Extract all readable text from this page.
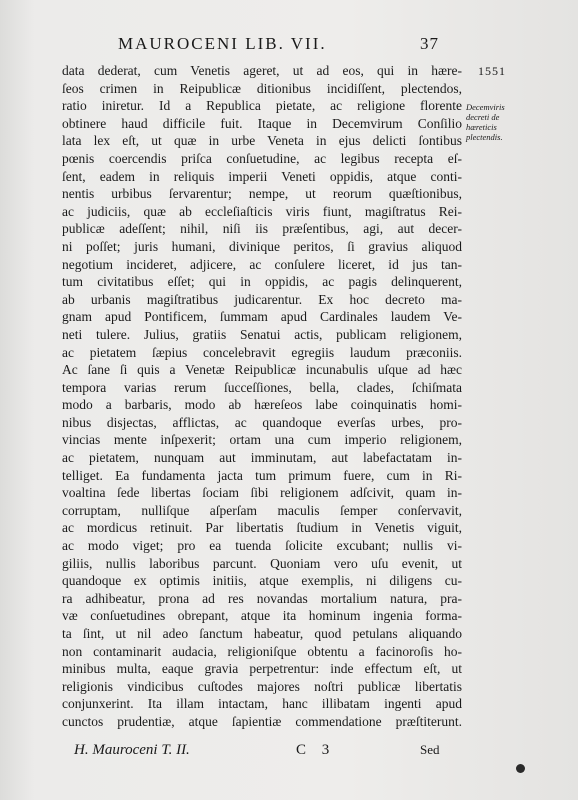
MAUROCENI LIB. VII.	37
1551
Decemviris
decreti de
hæreticis
plectendis.
data dederat, cum Venetis ageret, ut ad eos, qui in hære-
ſeos crimen in Reipublicæ ditionibus incidiſſent, plectendos,
ratio iniretur. Id a Republica pietate, ac religione florente
obtinere haud difficile fuit. Itaque in Decemvirum Conſilio
lata lex eſt, ut quæ in urbe Veneta in ejus delicti ſontibus
pœnis coercendis priſca conſuetudine, ac legibus recepta eſ-
ſent, eadem in reliquis imperii Veneti oppidis, atque conti-
nentis urbibus ſervarentur; nempe, ut reorum quæſtionibus,
ac judiciis, quæ ab eccleſiaſticis viris fiunt, magiſtratus Rei-
publicæ adeſſent; nihil, niſi iis præſentibus, agi, aut decer-
ni poſſet; juris humani, divinique peritos, ſi gravius aliquod
negotium incideret, adjicere, ac conſulere liceret, id jus tan-
tum civitatibus eſſet; qui in oppidis, ac pagis delinquerent,
ab urbanis magiſtratibus judicarentur. Ex hoc decreto ma-
gnam apud Pontificem, ſummam apud Cardinales laudem Ve-
neti tulere. Julius, gratiis Senatui actis, publicam religionem,
ac pietatem ſæpius concelebravit egregiis laudum præconiis.
Ac ſane ſi quis a Venetæ Reipublicæ incunabulis uſque ad hæc
tempora varias rerum ſucceſſiones, bella, clades, ſchiſmata
modo a barbaris, modo ab hæreſeos labe coinquinatis homi-
nibus disjectas, afflictas, ac quandoque everſas urbes, pro-
vincias mente inſpexerit; ortam una cum imperio religionem,
ac pietatem, nunquam aut imminutam, aut labefactatam in-
telliget. Ea fundamenta jacta tum primum fuere, cum in Ri-
voaltina ſede libertas ſociam ſibi religionem adſcivit, quam in-
corruptam, nulliſque aſperſam maculis ſemper conſervavit,
ac mordicus retinuit. Par libertatis ſtudium in Venetis viguit,
ac modo viget; pro ea tuenda ſolicite excubant; nullis vi-
giliis, nullis laboribus parcunt. Quoniam vero uſu evenit, ut
quandoque ex optimis initiis, atque exemplis, ni diligens cu-
ra adhibeatur, prona ad res novandas mortalium natura, pra-
væ conſuetudines obrepant, atque ita hominum ingenia forma-
ta ſint, ut nil adeo ſanctum habeatur, quod petulans aliquando
non contaminarit audacia, religioniſque obtentu a facinoroſis ho-
minibus multa, eaque gravia perpetrentur: inde effectum eſt, ut
religionis vindicibus cuſtodes majores noſtri publicæ libertatis
conjunxerint. Ita illam intactam, hanc illibatam ingenti apud
cunctos prudentiæ, atque ſapientiæ commendatione præſtiterunt.
H. Mauroceni T. II.	C 3	Sed
